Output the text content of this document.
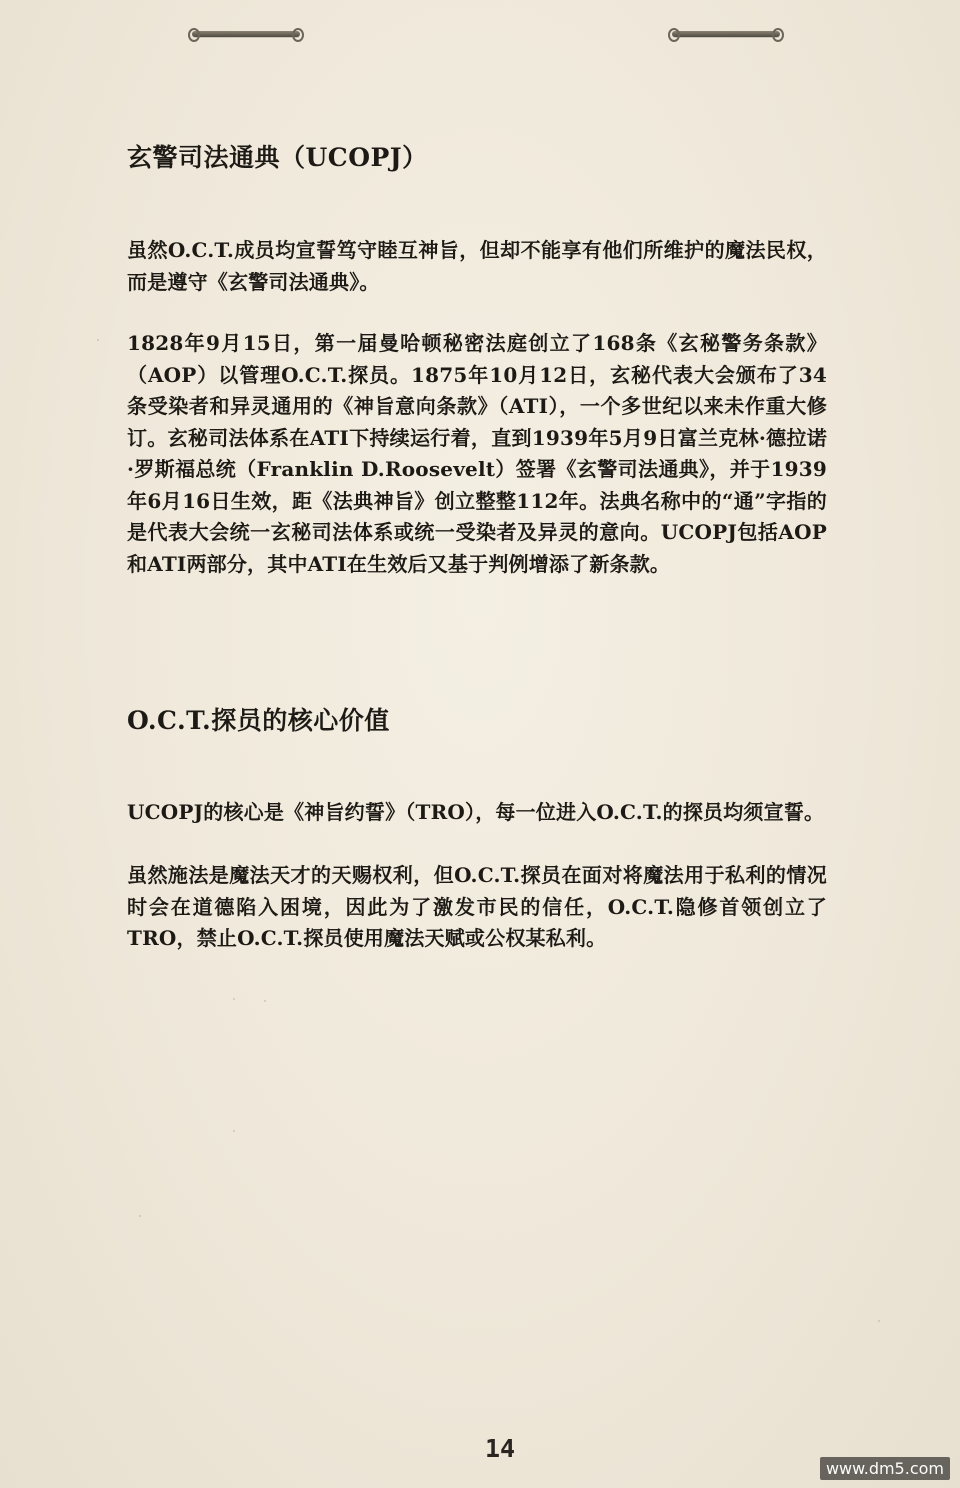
玄警司法通典（UCOPJ）

虽然O.C.T.成员均宣誓笃守睦互神旨，但却不能享有他们所维护的魔法民权，而是遵守《玄警司法通典》。

1828年9月15日，第一届曼哈顿秘密法庭创立了168条《玄秘警务条款》（AOP）以管理O.C.T.探员。1875年10月12日，玄秘代表大会颁布了34条受染者和异灵通用的《神旨意向条款》（ATI），一个多世纪以来未作重大修订。玄秘司法体系在ATI下持续运行着，直到1939年5月9日富兰克林·德拉诺·罗斯福总统（Franklin D.Roosevelt）签署《玄警司法通典》，并于1939年6月16日生效，距《法典神旨》创立整整112年。法典名称中的“通”字指的是代表大会统一玄秘司法体系或统一受染者及异灵的意向。UCOPJ包括AOP和ATI两部分，其中ATI在生效后又基于判例增添了新条款。

O.C.T.探员的核心价值

UCOPJ的核心是《神旨约誓》（TRO），每一位进入O.C.T.的探员均须宣誓。

虽然施法是魔法天才的天赐权利，但O.C.T.探员在面对将魔法用于私利的情况时会在道德陷入困境，因此为了激发市民的信任，O.C.T.隐修首领创立了TRO，禁止O.C.T.探员使用魔法天赋或公权某私利。

14
www.dm5.com
